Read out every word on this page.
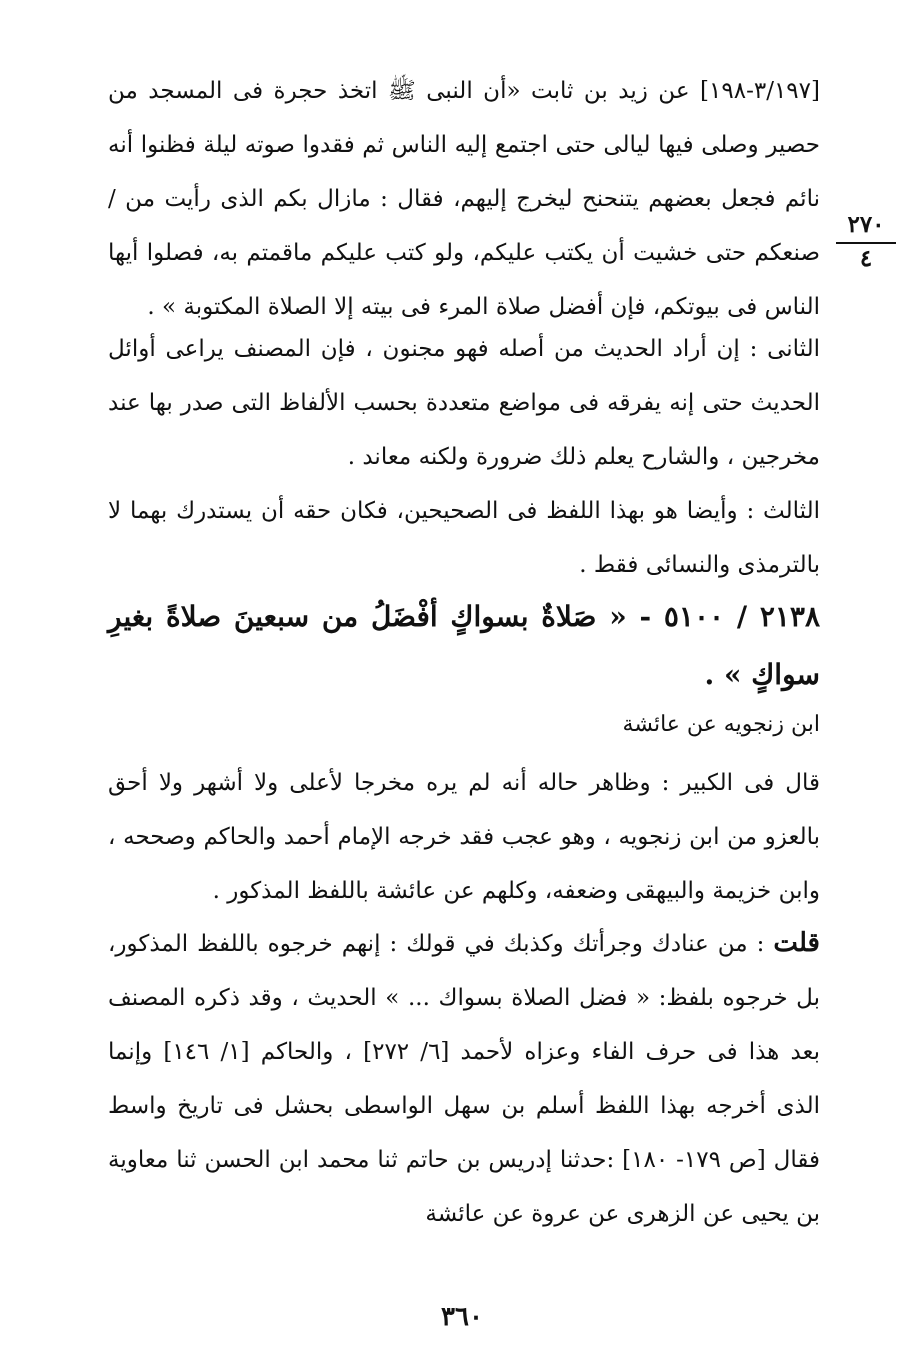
٢٧٠
٤

[٣/١٩٧-١٩٨] عن زيد بن ثابت «أن النبى ﷺ اتخذ حجرة فى المسجد من حصير وصلى فيها ليالى حتى اجتمع إليه الناس ثم فقدوا صوته ليلة فظنوا أنه نائم فجعل بعضهم يتنحنح ليخرج إليهم، فقال : مازال بكم الذى رأيت من / صنعكم حتى خشيت أن يكتب عليكم، ولو كتب عليكم ماقمتم به، فصلوا أيها الناس فى بيوتكم، فإن أفضل صلاة المرء فى بيته إلا الصلاة المكتوبة » .

الثانى : إن أراد الحديث من أصله فهو مجنون ، فإن المصنف يراعى أوائل الحديث حتى إنه يفرقه فى مواضع متعددة بحسب الألفاظ التى صدر بها عند مخرجين ، والشارح يعلم ذلك ضرورة ولكنه معاند .

الثالث : وأيضا هو بهذا اللفظ فى الصحيحين، فكان حقه أن يستدرك بهما لا بالترمذى والنسائى فقط .

٢١٣٨ / ٥١٠٠ - « صَلاةٌ بسواكٍ أفْضَلُ من سبعينَ صلاةً بغيرِ سواكٍ » .

ابن زنجويه عن عائشة

قال فى الكبير : وظاهر حاله أنه لم يره مخرجا لأعلى ولا أشهر ولا أحق بالعزو من ابن زنجويه ، وهو عجب فقد خرجه الإمام أحمد والحاكم وصححه ، وابن خزيمة والبيهقى وضعفه، وكلهم عن عائشة باللفظ المذكور .

قلت : من عنادك وجرأتك وكذبك في قولك : إنهم خرجوه باللفظ المذكور، بل خرجوه بلفظ: « فضل الصلاة بسواك ... » الحديث ، وقد ذكره المصنف بعد هذا فى حرف الفاء وعزاه لأحمد [٦/ ٢٧٢] ، والحاكم [١/ ١٤٦] وإنما الذى أخرجه بهذا اللفظ أسلم بن سهل الواسطى بحشل فى تاريخ واسط فقال [ص ١٧٩- ١٨٠] :حدثنا إدريس بن حاتم ثنا محمد ابن الحسن ثنا معاوية بن يحيى عن الزهرى عن عروة عن عائشة

٣٦٠
